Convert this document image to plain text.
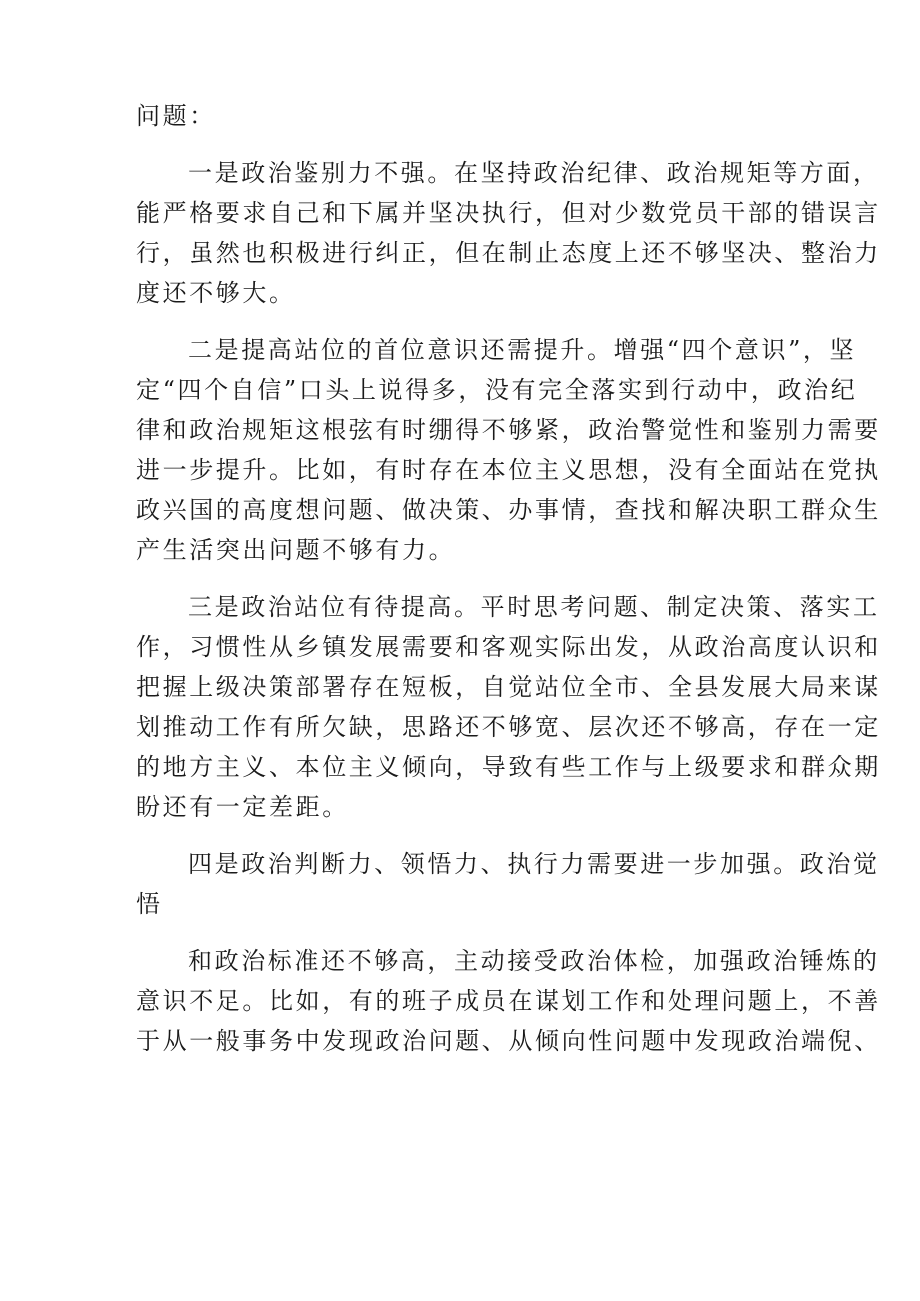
问题：

一是政治鉴别力不强。在坚持政治纪律、政治规矩等方面，
能严格要求自己和下属并坚决执行，但对少数党员干部的错误言
行，虽然也积极进行纠正，但在制止态度上还不够坚决、整治力
度还不够大。

二是提高站位的首位意识还需提升。增强“四个意识”，坚
定“四个自信”口头上说得多，没有完全落实到行动中，政治纪
律和政治规矩这根弦有时绷得不够紧，政治警觉性和鉴别力需要
进一步提升。比如，有时存在本位主义思想，没有全面站在党执
政兴国的高度想问题、做决策、办事情，查找和解决职工群众生
产生活突出问题不够有力。

三是政治站位有待提高。平时思考问题、制定决策、落实工
作，习惯性从乡镇发展需要和客观实际出发，从政治高度认识和
把握上级决策部署存在短板，自觉站位全市、全县发展大局来谋
划推动工作有所欠缺，思路还不够宽、层次还不够高，存在一定
的地方主义、本位主义倾向，导致有些工作与上级要求和群众期
盼还有一定差距。

四是政治判断力、领悟力、执行力需要进一步加强。政治觉
悟

和政治标准还不够高，主动接受政治体检，加强政治锤炼的
意识不足。比如，有的班子成员在谋划工作和处理问题上，不善
于从一般事务中发现政治问题、从倾向性问题中发现政治端倪、
